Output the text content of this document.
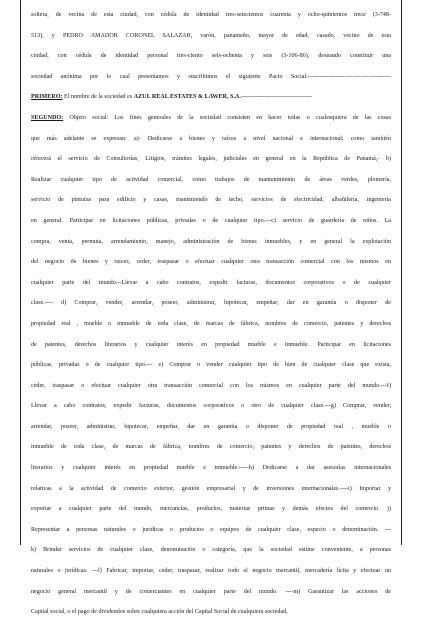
soltera, de vecina de esta ciudad, con cédula de identidad tres-setecientos cuarenta y ocho-quinientos trece (3-748-
513), y PEDRO AMADOR CORONEL SALAZAR, varón, panameño, mayor de edad, casado, vecino de esta
ciudad, con cédula de identidad personal tres-ciento seis-ochenta y seis (3-106-86), deseando constituir una
sociedad anónima por lo cual presentamos y suscribimos el siguiente Pacto Social:-----------------------------------------
PRIMERO: El nombre de la sociedad es AZUL REAL ESTATES & LAWER, S.A.-----------------------------------
SEGUNDO: Objeto social: Los fines generales de la sociedad consisten en hacer todas o cualesquiera de las cosas
que más adelante se expresan: a)- Dedicarse a bienes y raíces a nivel nacional e internacional; como también
ofrecerá el servicio de Consultorías, Litigios, trámites legales, judiciales en general en la República de Panamá,- b)
Realizar cualquier tipo de actividad comercial, como trabajos de mantenimiento de áreas verdes, plomería,
servicio de pinturas para edificio y casas, manteniendo de techo, servicios de electricidad, albañilería, ingeniería
en general. Participar en licitaciones públicas, privadas o de cualquier tipo.---c) servicio de guardería de niños. La
compra, venta, permuta, arrendamiento, manejo, administración de bienes inmuebles, y en general la explotación
del negocio de bienes y raíces, ceder, traspasar o efectuar cualquier otra transacción comercial con los mismos en
cualquier parte del mundo.--Llevar a cabo contratos, expedir facturas, documentos corporativos o de cualquier
clase.---- d) Comprar, vender, arrendar, poseer, administrar, hipotecar, empeñar, dar en garantía o disponer de
propiedad real , mueble o inmueble de toda clase, de marcas de fábrica, nombres de comercio, patentes y derechos
de patentes, derechos literarios y cualquier interés en propiedad mueble e inmueble. Participar en licitaciones
públicas, privadas o de cualquier tipo.--- e) Comprar o vender cualquier tipo de bien de cualquier clase que exista,
ceder, traspasar o efectuar cualquier otra transacción comercial con los mismos en cualquier parte del mundo.---f)
Llevar a cabo contratos, expedir facturas, documentos corporativos o otro de cualquier clase.---g) Comprar, vender,
arrendar, poseer, administrar, hipotecar, empeñar, dar en garantía o disponer de propiedad real , mueble o
inmueble de toda clase, de marcas de fábrica, nombres de comercio, patentes y derechos de patentes, derechos
literarios y cualquier interés en propiedad mueble e inmueble.-----h) Dedicarse a dar asesorías internacionales
relativas a la actividad de comercio exterior, gestión empresarial y de inversiones internacionales.----i) Importar y
exportar a cualquier parte del mundo, mercancías, productos, materias primas y demás efectos del comercio. j)
Representar a personas naturales o jurídicas o productos o equipos de cualquier clase, especio o denominación. ---
k) Brindar servicios de cualquier clase, denominación o categoría, que la sociedad estime conveniente, a personas
naturales o jurídicas. ---l) Fabricar, importar, ceder, traspasar, realizar todo el negocio mercantil, mercadería lícita y efectuar un
negocio general mercantil y de comerciantes en cualquier parte del mundo. ----m) Garantizar las acciones de
Capital social, o el pago de dividendos sobre cualquiera acción del Capital Social de cualquiera sociedad,
